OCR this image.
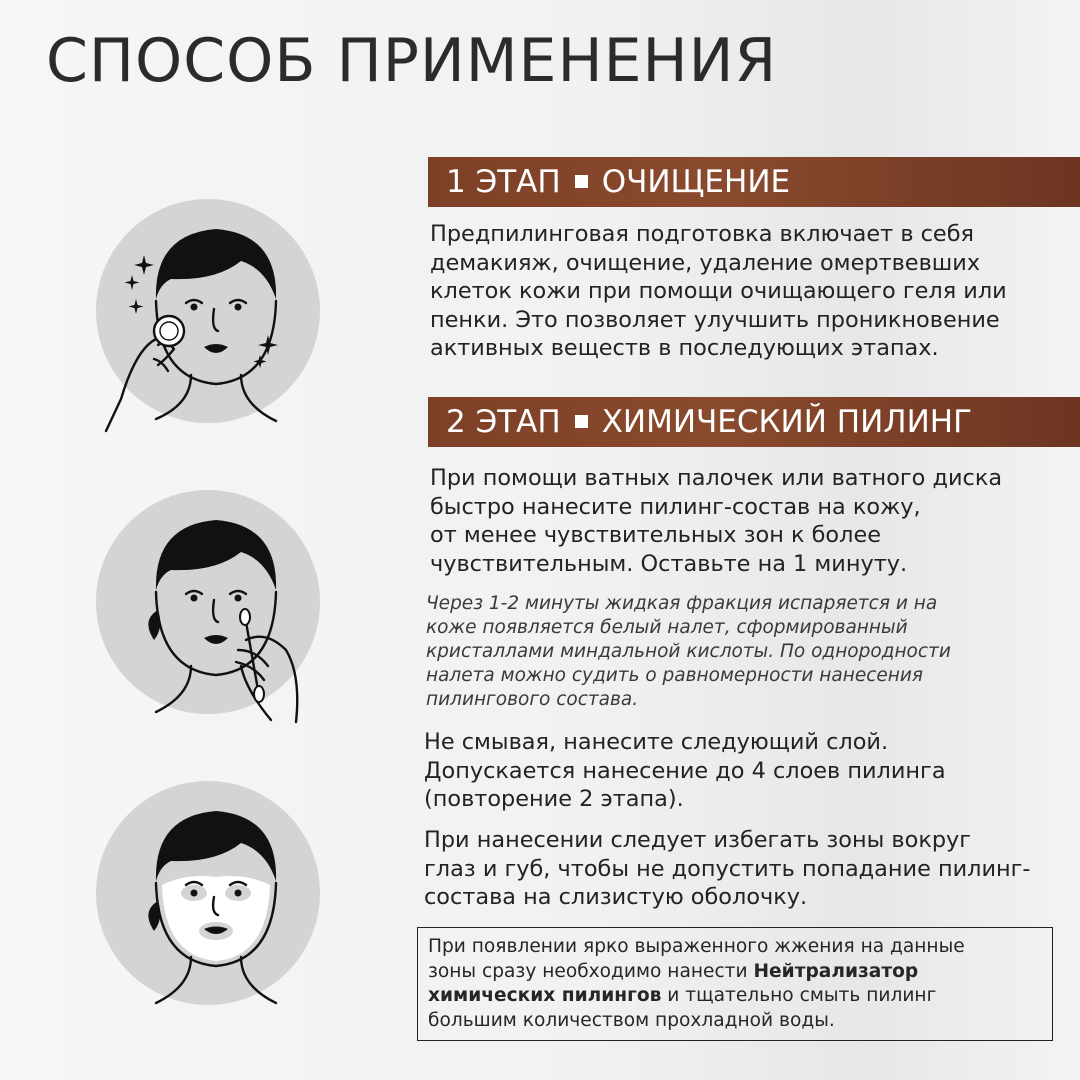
СПОСОБ ПРИМЕНЕНИЯ
1 ЭТАП ОЧИЩЕНИЕ
Предпилинговая подготовка включает в себя
демакияж, очищение, удаление омертвевших
клеток кожи при помощи очищающего геля или
пенки. Это позволяет улучшить проникновение
активных веществ в последующих этапах.
2 ЭТАП ХИМИЧЕСКИЙ ПИЛИНГ
При помощи ватных палочек или ватного диска
быстро нанесите пилинг-состав на кожу,
от менее чувствительных зон к более
чувствительным. Оставьте на 1 минуту.
Через 1-2 минуты жидкая фракция испаряется и на
коже появляется белый налет, сформированный
кристаллами миндальной кислоты. По однородности
налета можно судить о равномерности нанесения
пилингового состава.
Не смывая, нанесите следующий слой.
Допускается нанесение до 4 слоев пилинга
(повторение 2 этапа).
При нанесении следует избегать зоны вокруг
глаз и губ, чтобы не допустить попадание пилинг-
состава на слизистую оболочку.
При появлении ярко выраженного жжения на данные
зоны сразу необходимо нанести Нейтрализатор
химических пилингов и тщательно смыть пилинг
большим количеством прохладной воды.
